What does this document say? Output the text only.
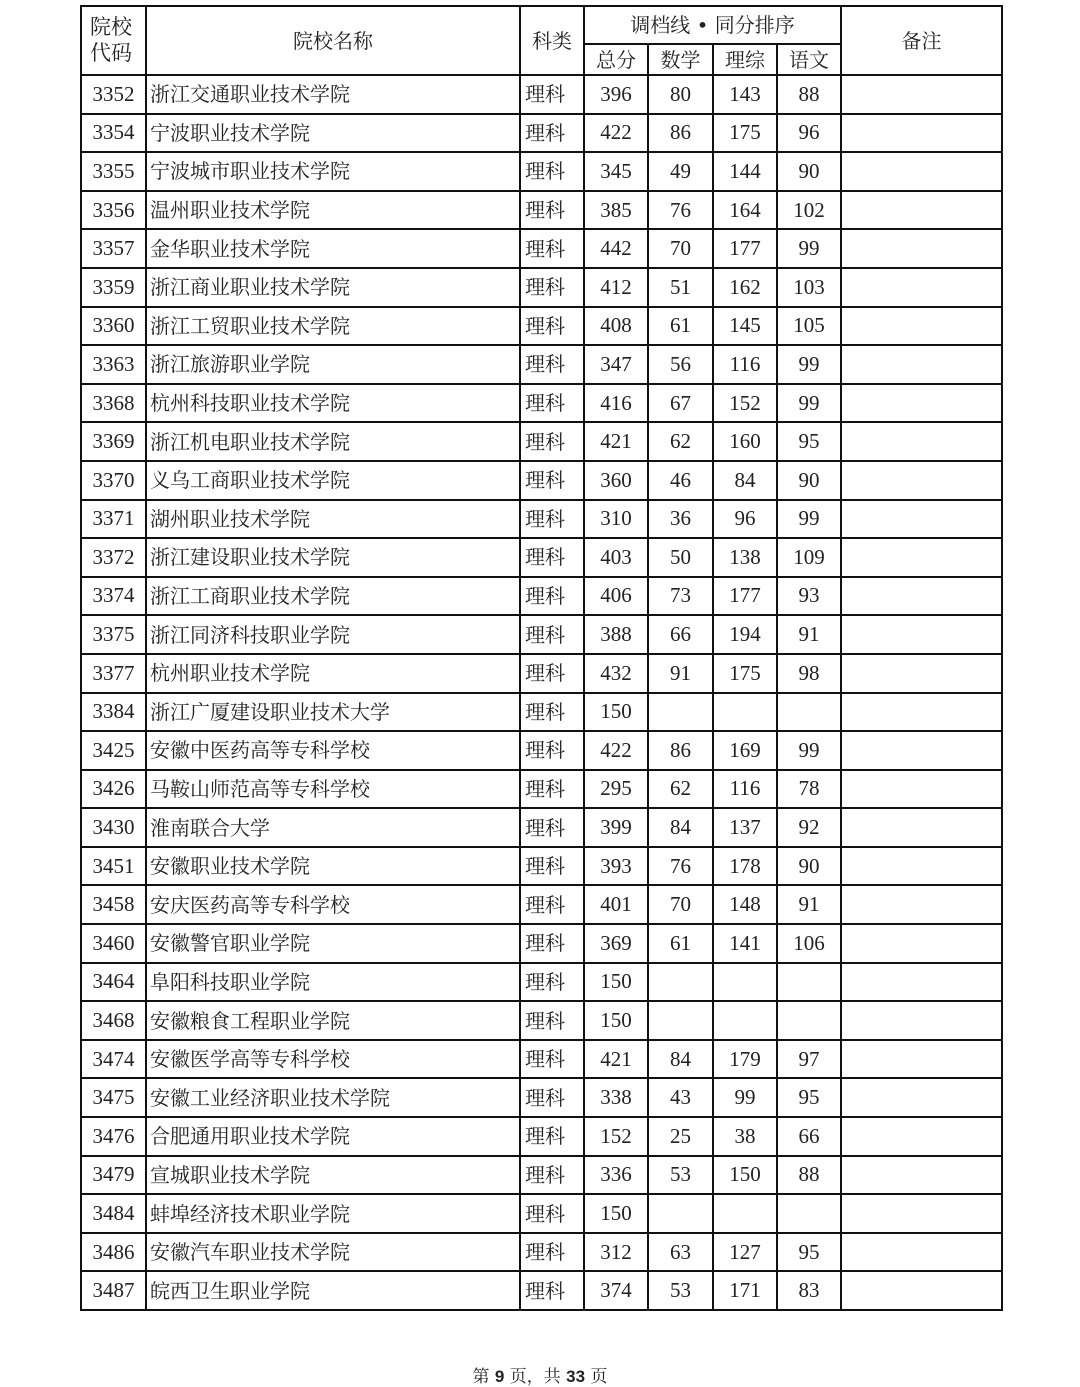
院校代码	院校名称	科类	调档线 • 同分排序				备注
			总分	数学	理综	语文	
3352	浙江交通职业技术学院	理科	396	80	143	88	
3354	宁波职业技术学院	理科	422	86	175	96	
3355	宁波城市职业技术学院	理科	345	49	144	90	
3356	温州职业技术学院	理科	385	76	164	102	
3357	金华职业技术学院	理科	442	70	177	99	
3359	浙江商业职业技术学院	理科	412	51	162	103	
3360	浙江工贸职业技术学院	理科	408	61	145	105	
3363	浙江旅游职业学院	理科	347	56	116	99	
3368	杭州科技职业技术学院	理科	416	67	152	99	
3369	浙江机电职业技术学院	理科	421	62	160	95	
3370	义乌工商职业技术学院	理科	360	46	84	90	
3371	湖州职业技术学院	理科	310	36	96	99	
3372	浙江建设职业技术学院	理科	403	50	138	109	
3374	浙江工商职业技术学院	理科	406	73	177	93	
3375	浙江同济科技职业学院	理科	388	66	194	91	
3377	杭州职业技术学院	理科	432	91	175	98	
3384	浙江广厦建设职业技术大学	理科	150				
3425	安徽中医药高等专科学校	理科	422	86	169	99	
3426	马鞍山师范高等专科学校	理科	295	62	116	78	
3430	淮南联合大学	理科	399	84	137	92	
3451	安徽职业技术学院	理科	393	76	178	90	
3458	安庆医药高等专科学校	理科	401	70	148	91	
3460	安徽警官职业学院	理科	369	61	141	106	
3464	阜阳科技职业学院	理科	150				
3468	安徽粮食工程职业学院	理科	150				
3474	安徽医学高等专科学校	理科	421	84	179	97	
3475	安徽工业经济职业技术学院	理科	338	43	99	95	
3476	合肥通用职业技术学院	理科	152	25	38	66	
3479	宣城职业技术学院	理科	336	53	150	88	
3484	蚌埠经济技术职业学院	理科	150				
3486	安徽汽车职业技术学院	理科	312	63	127	95	
3487	皖西卫生职业学院	理科	374	53	171	83	
第 9 页，共 33 页
